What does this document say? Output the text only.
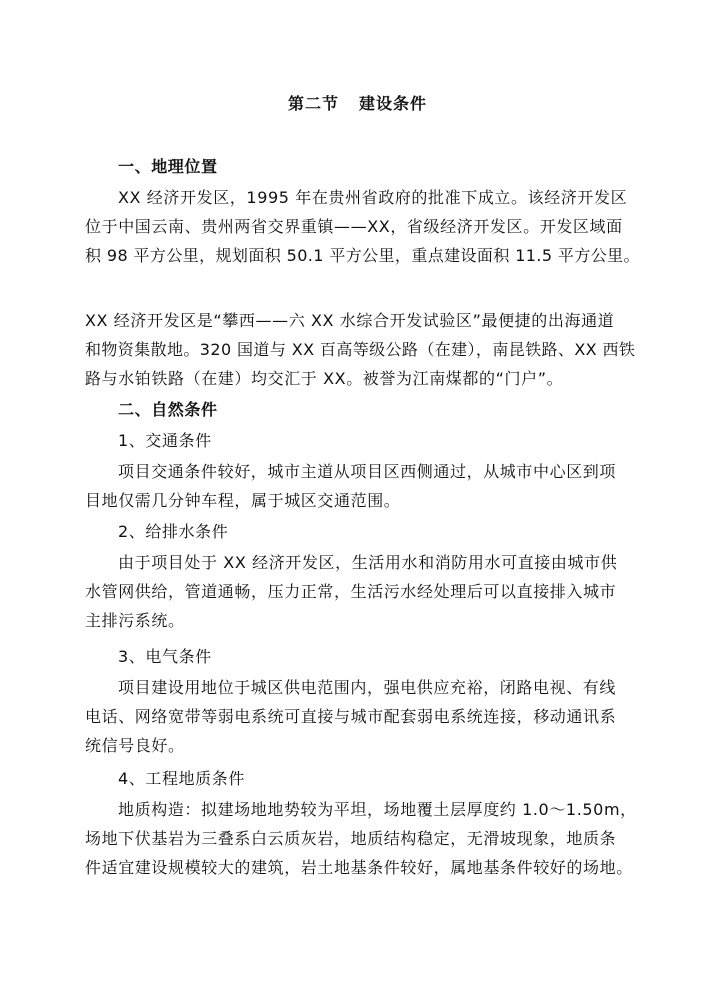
第二节 建设条件
一、地理位置
XX 经济开发区，1995 年在贵州省政府的批准下成立。该经济开发区
位于中国云南、贵州两省交界重镇——XX，省级经济开发区。开发区域面
积 98 平方公里，规划面积 50.1 平方公里，重点建设面积 11.5 平方公里。
XX 经济开发区是“攀西——六 XX 水综合开发试验区”最便捷的出海通道
和物资集散地。320 国道与 XX 百高等级公路（在建），南昆铁路、XX 西铁
路与水铂铁路（在建）均交汇于 XX。被誉为江南煤都的“门户”。
二、自然条件
1、交通条件
项目交通条件较好，城市主道从项目区西侧通过，从城市中心区到项
目地仅需几分钟车程，属于城区交通范围。
2、给排水条件
由于项目处于 XX 经济开发区，生活用水和消防用水可直接由城市供
水管网供给，管道通畅，压力正常，生活污水经处理后可以直接排入城市
主排污系统。
3、电气条件
项目建设用地位于城区供电范围内，强电供应充裕，闭路电视、有线
电话、网络宽带等弱电系统可直接与城市配套弱电系统连接，移动通讯系
统信号良好。
4、工程地质条件
地质构造：拟建场地地势较为平坦，场地覆土层厚度约 1.0～1.50m，
场地下伏基岩为三叠系白云质灰岩，地质结构稳定，无滑坡现象，地质条
件适宜建设规模较大的建筑，岩土地基条件较好，属地基条件较好的场地。
